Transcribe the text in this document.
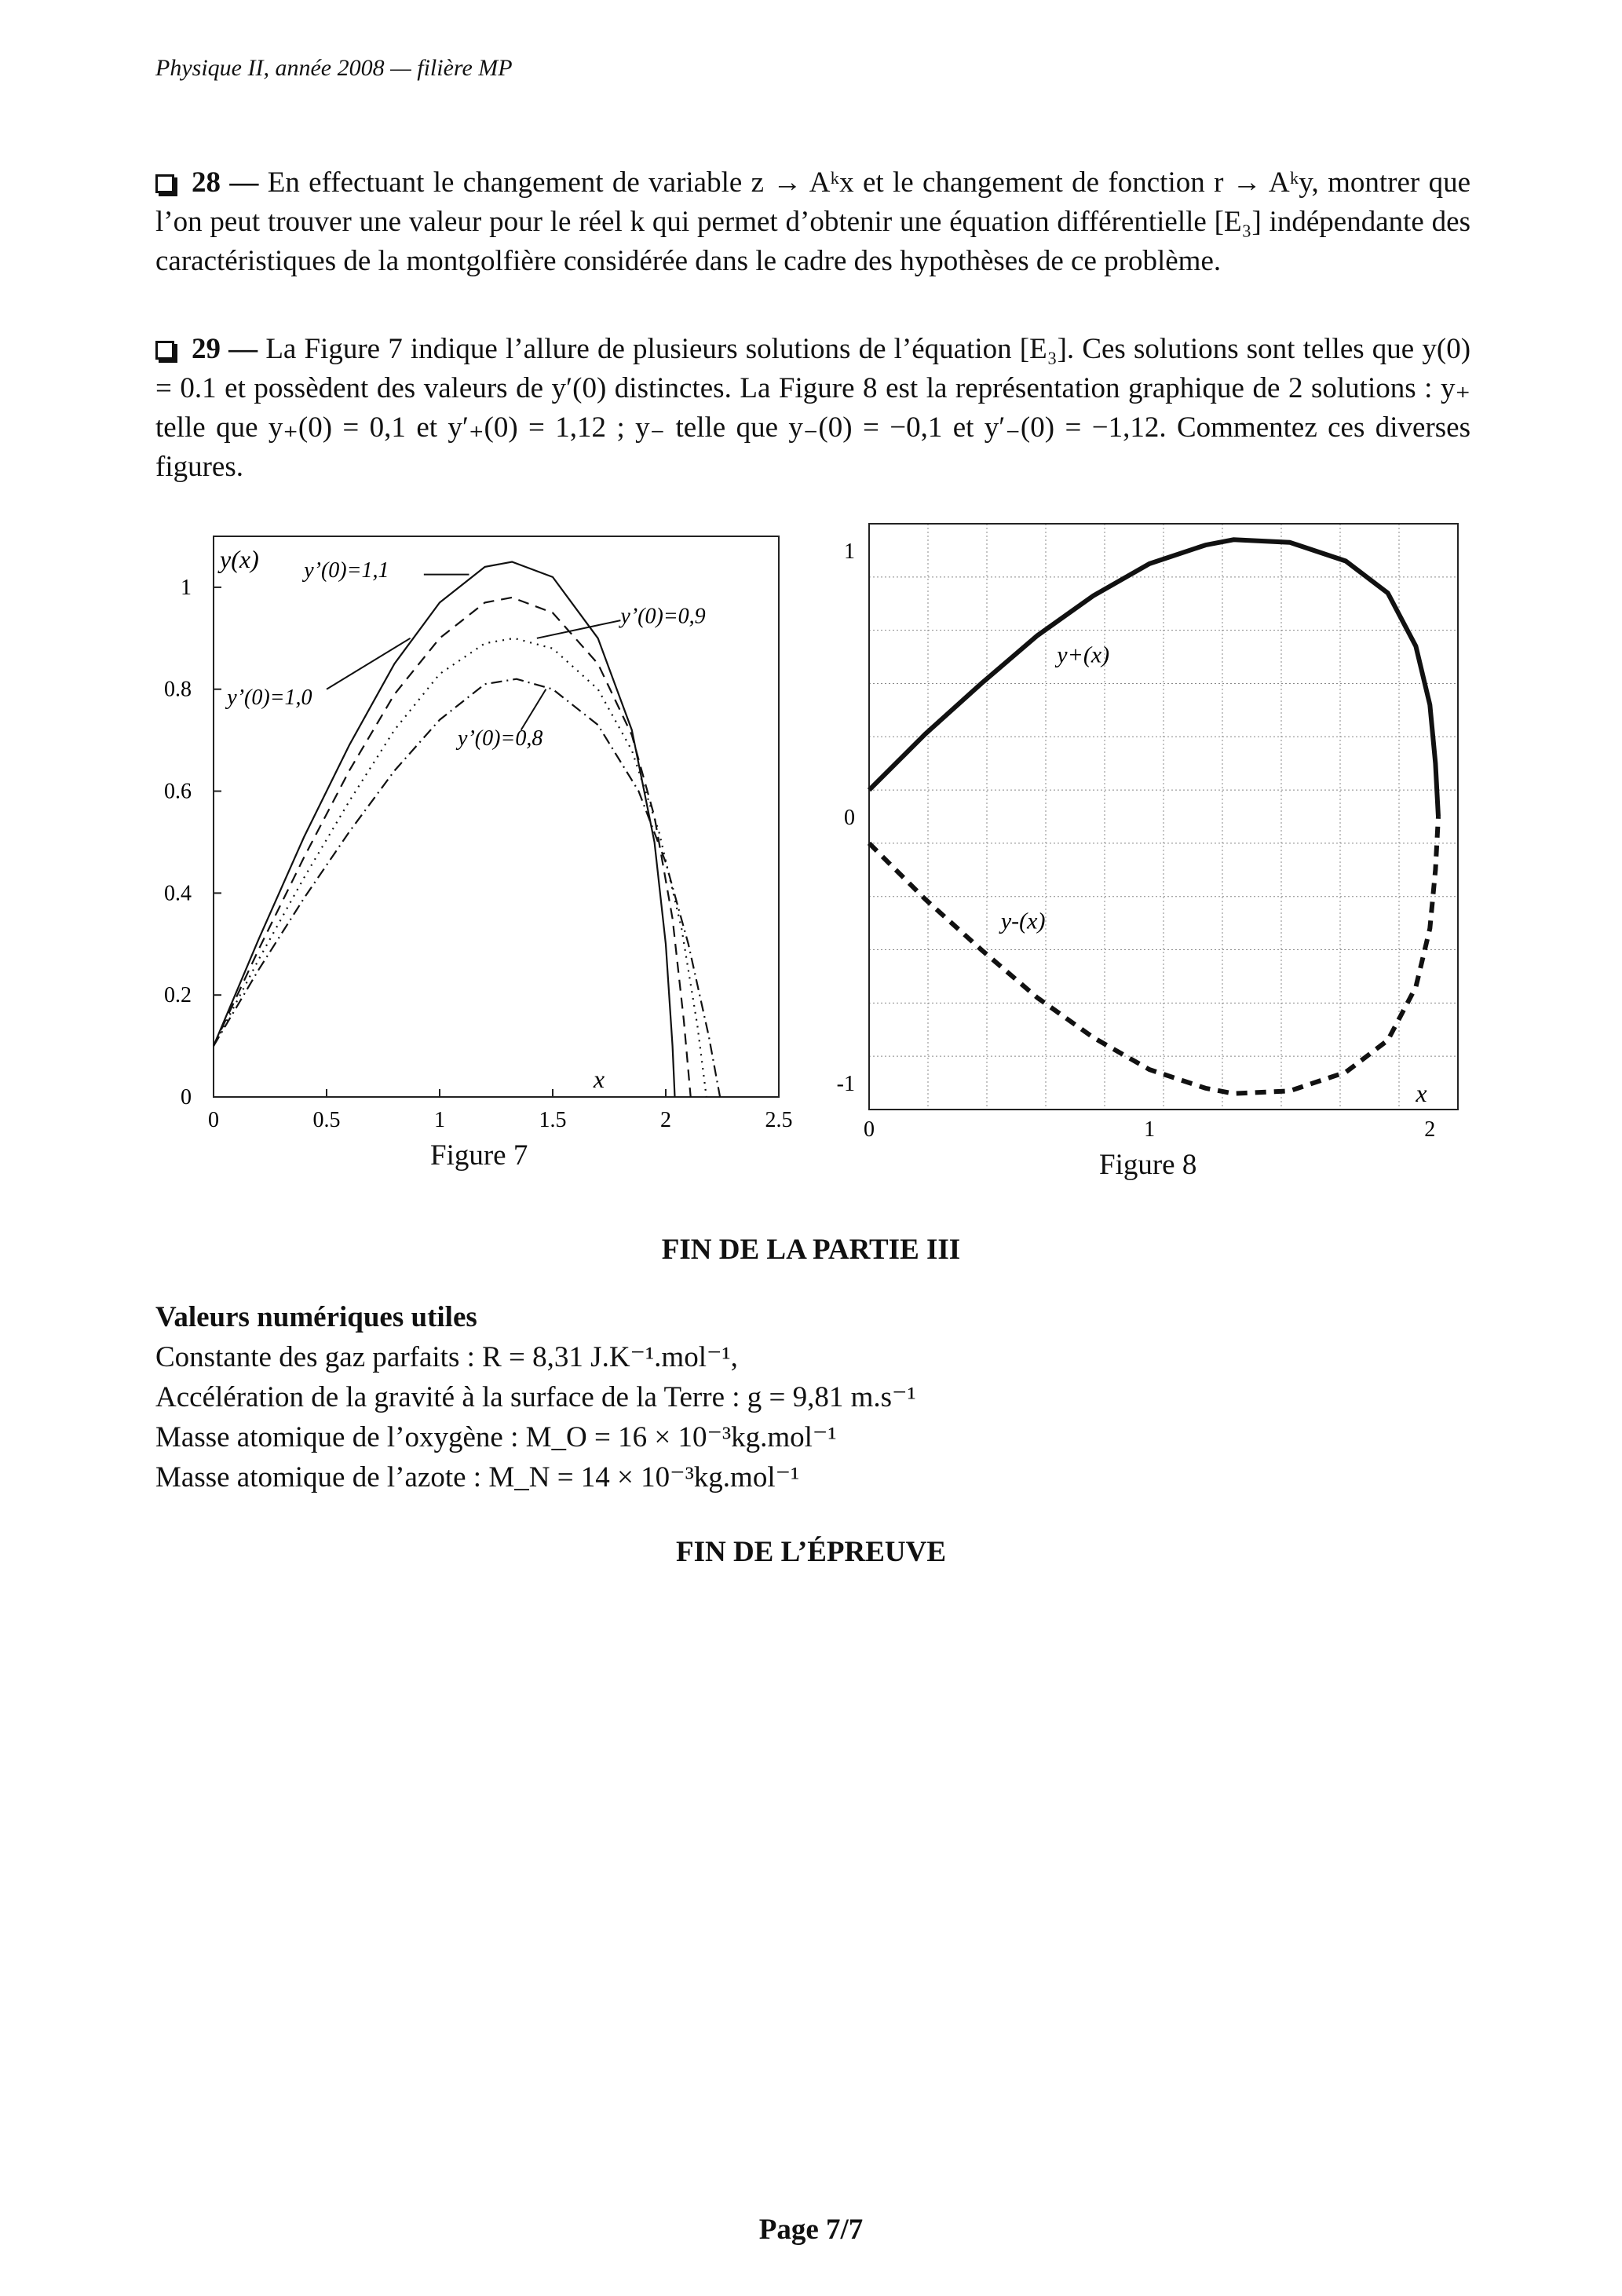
Physique II, année 2008 — filière MP

28 — En effectuant le changement de variable z → Aᵏx et le changement de fonction r → Aᵏy, montrer que l’on peut trouver une valeur pour le réel k qui permet d’obtenir une équation différentielle [E₃] indépendante des caractéristiques de la montgolfière considérée dans le cadre des hypothèses de ce problème.

29 — La Figure 7 indique l’allure de plusieurs solutions de l’équation [E₃]. Ces solutions sont telles que y(0) = 0.1 et possèdent des valeurs de y′(0) distinctes. La Figure 8 est la représentation graphique de 2 solutions : y₊ telle que y₊(0) = 0,1 et y′₊(0) = 1,12 ; y₋ telle que y₋(0) = −0,1 et y′₋(0) = −1,12. Commentez ces diverses figures.

0	0.5	1	1.5	2	2.5
0
0.2
0.4
0.6
0.8
1
y(x)
x
y’(0)=1,1
y’(0)=1,0
y’(0)=0,9
y’(0)=0,8
Figure 7
0	1	2
-1
0
1
x
y+(x)
y-(x)
Figure 8
FIN DE LA PARTIE III
Valeurs numériques utiles
Constante des gaz parfaits : R = 8,31 J.K⁻¹.mol⁻¹,
Accélération de la gravité à la surface de la Terre : g = 9,81 m.s⁻¹
Masse atomique de l’oxygène : M_O = 16 × 10⁻³kg.mol⁻¹
Masse atomique de l’azote : M_N = 14 × 10⁻³kg.mol⁻¹
FIN DE L’ÉPREUVE
Page 7/7
